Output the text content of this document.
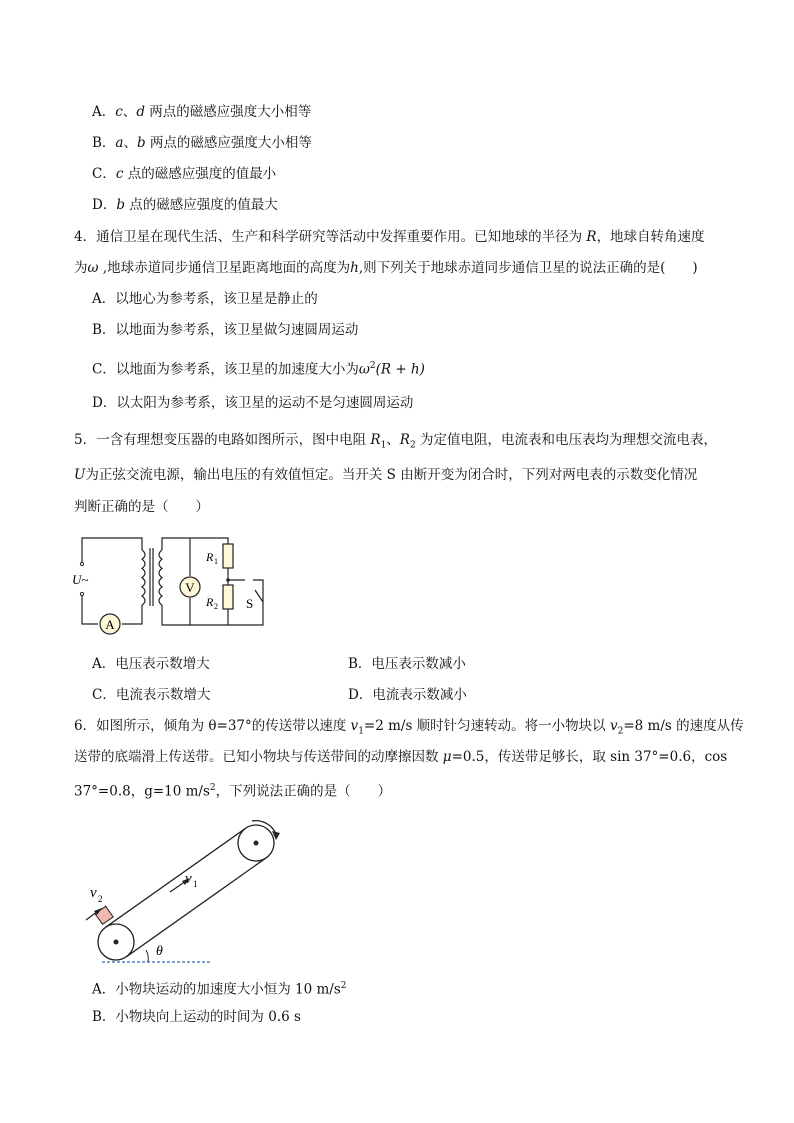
A．c、d 两点的磁感应强度大小相等
B．a、b 两点的磁感应强度大小相等
C．c 点的磁感应强度的值最小
D．b 点的磁感应强度的值最大
4．通信卫星在现代生活、生产和科学研究等活动中发挥重要作用。已知地球的半径为 R，地球自转角速度
为ω ,地球赤道同步通信卫星距离地面的高度为h,则下列关于地球赤道同步通信卫星的说法正确的是(　　)
A．以地心为参考系，该卫星是静止的
B．以地面为参考系，该卫星做匀速圆周运动
C．以地面为参考系，该卫星的加速度大小为$\omega^2(R + h)$
D．以太阳为参考系，该卫星的运动不是匀速圆周运动
5．一含有理想变压器的电路如图所示，图中电阻 $R_1$、$R_2$ 为定值电阻，电流表和电压表均为理想交流电表，
U为正弦交流电源，输出电压的有效值恒定。当开关 S 由断开变为闭合时，下列对两电表的示数变化情况
判断正确的是（　　）
V
A
U~
R 1
R 2 S
A．电压表示数增大	B．电压表示数减小
C．电流表示数增大	D．电流表示数减小
6．如图所示，倾角为 θ=37°的传送带以速度 $v_1=2$ m/s 顺时针匀速转动。将一小物块以 $v_2=8$ m/s 的速度从传
送带的底端滑上传送带。已知小物块与传送带间的动摩擦因数 μ=0.5，传送带足够长，取 sin 37°=0.6，cos
37°=0.8，g=10 $m/s^2$，下列说法正确的是（　　）
v 2
v 1
θ
A．小物块运动的加速度大小恒为 10 $m/s^2$
B．小物块向上运动的时间为 0.6 s
